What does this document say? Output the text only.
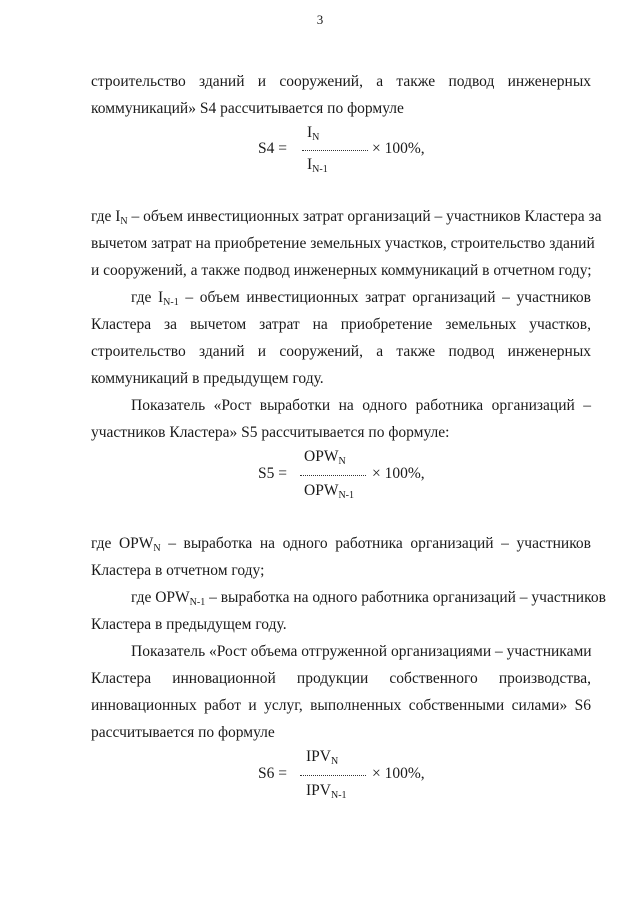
3
строительство зданий и сооружений, а также подвод инженерных
коммуникаций» S4 рассчитывается по формуле
S4 =
$I_N$
$I_{N-1}$
× 100%,
где $I_N$ – объем инвестиционных затрат организаций – участников Кластера за
вычетом затрат на приобретение земельных участков, строительство зданий
и сооружений, а также подвод инженерных коммуникаций в отчетном году;
где $I_{N-1}$ – объем инвестиционных затрат организаций – участников
Кластера за вычетом затрат на приобретение земельных участков,
строительство зданий и сооружений, а также подвод инженерных
коммуникаций в предыдущем году.
Показатель «Рост выработки на одного работника организаций –
участников Кластера» S5 рассчитывается по формуле:
S5 =
$OPW_N$
$OPW_{N-1}$
× 100%,
где $OPW_N$ – выработка на одного работника организаций – участников
Кластера в отчетном году;
где $OPW_{N-1}$ – выработка на одного работника организаций – участников
Кластера в предыдущем году.
Показатель «Рост объема отгруженной организациями – участниками
Кластера инновационной продукции собственного производства,
инновационных работ и услуг, выполненных собственными силами» S6
рассчитывается по формуле
S6 =
$IPV_N$
$IPV_{N-1}$
× 100%,
